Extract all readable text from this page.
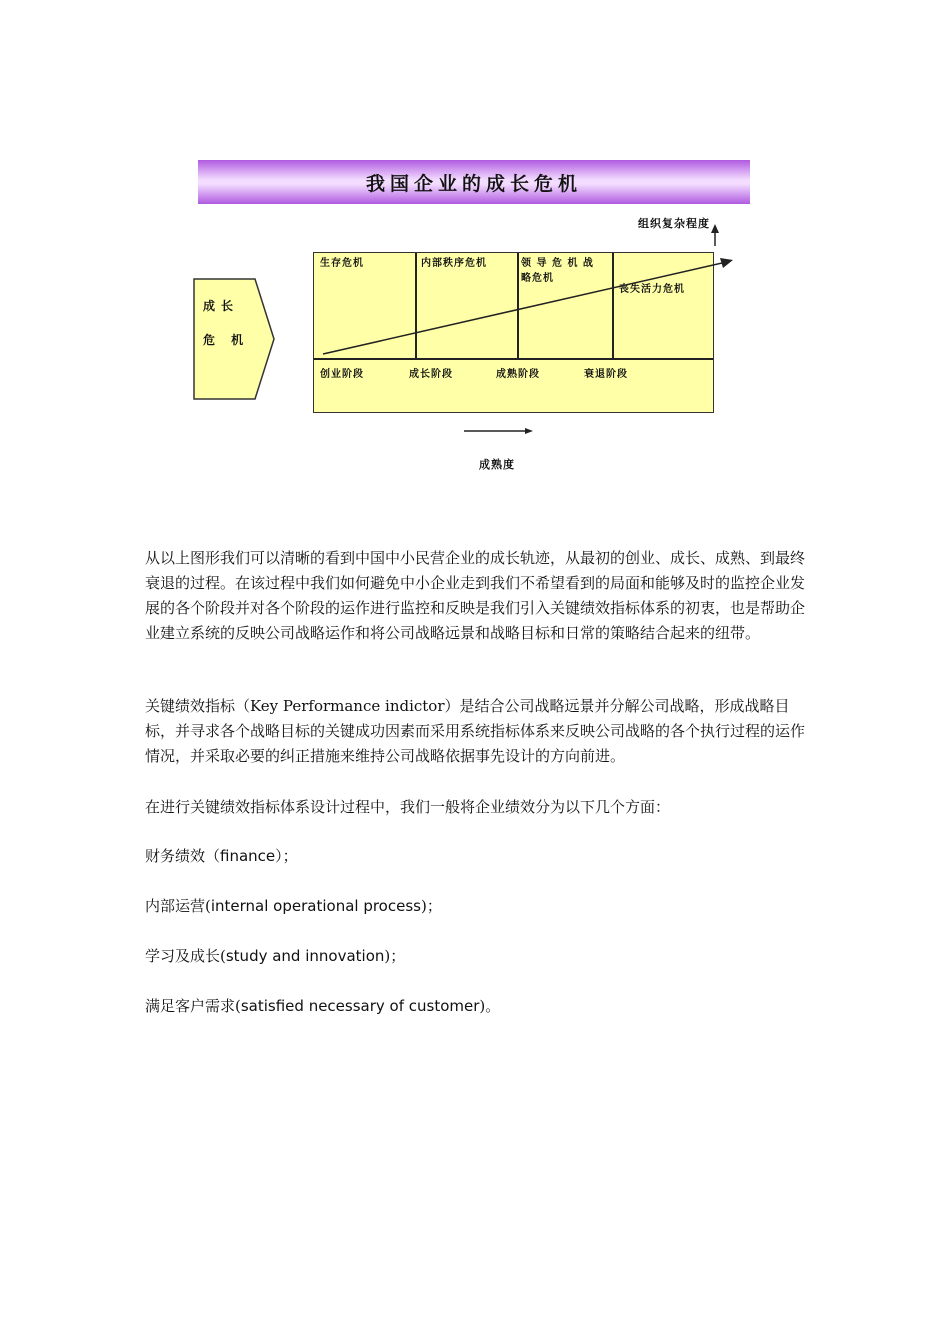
我国企业的成长危机
成长
危 机
生存危机	内部秩序危机	领 导 危 机 战
略危机
丧失活力危机
创业阶段	成长阶段	成熟阶段	衰退阶段
组织复杂程度
成熟度

从以上图形我们可以清晰的看到中国中小民营企业的成长轨迹，从最初的创业、成长、成熟、到最终衰退的过程。在该过程中我们如何避免中小企业走到我们不希望看到的局面和能够及时的监控企业发展的各个阶段并对各个阶段的运作进行监控和反映是我们引入关键绩效指标体系的初衷，也是帮助企业建立系统的反映公司战略运作和将公司战略远景和战略目标和日常的策略结合起来的纽带。

关键绩效指标（Key Performance indictor）是结合公司战略远景并分解公司战略，形成战略目标，并寻求各个战略目标的关键成功因素而采用系统指标体系来反映公司战略的各个执行过程的运作情况，并采取必要的纠正措施来维持公司战略依据事先设计的方向前进。

在进行关键绩效指标体系设计过程中，我们一般将企业绩效分为以下几个方面：

财务绩效（finance）；
内部运营(internal operational process)；
学习及成长(study and innovation)；
满足客户需求(satisfied necessary of customer)。
